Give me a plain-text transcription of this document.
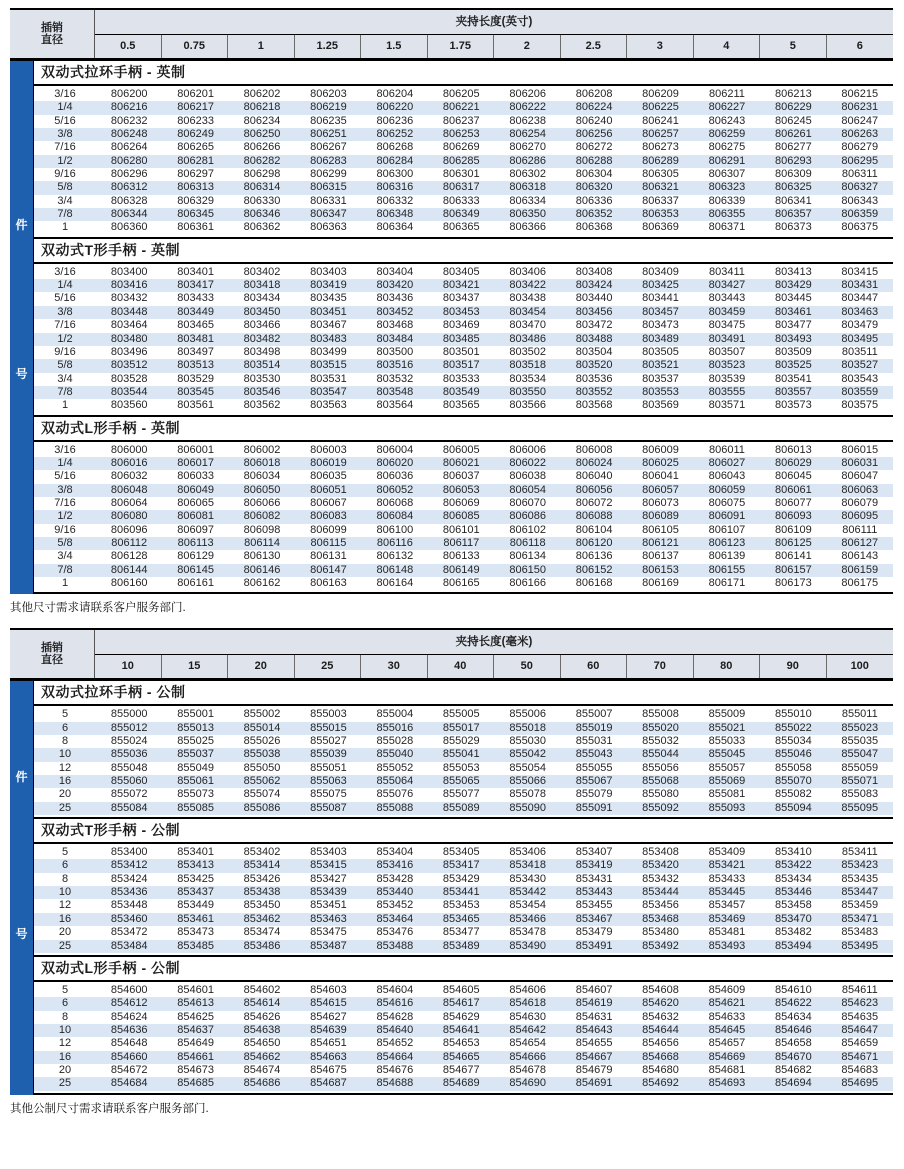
插销
直径
夹持长度(英寸)
0.5	0.75	1	1.25	1.5	1.75	2	2.5	3	4	5	6
件
号
双动式拉环手柄 - 英制
3/16	806200	806201	806202	806203	806204	806205	806206	806208	806209	806211	806213	806215
1/4	806216	806217	806218	806219	806220	806221	806222	806224	806225	806227	806229	806231
5/16	806232	806233	806234	806235	806236	806237	806238	806240	806241	806243	806245	806247
3/8	806248	806249	806250	806251	806252	806253	806254	806256	806257	806259	806261	806263
7/16	806264	806265	806266	806267	806268	806269	806270	806272	806273	806275	806277	806279
1/2	806280	806281	806282	806283	806284	806285	806286	806288	806289	806291	806293	806295
9/16	806296	806297	806298	806299	806300	806301	806302	806304	806305	806307	806309	806311
5/8	806312	806313	806314	806315	806316	806317	806318	806320	806321	806323	806325	806327
3/4	806328	806329	806330	806331	806332	806333	806334	806336	806337	806339	806341	806343
7/8	806344	806345	806346	806347	806348	806349	806350	806352	806353	806355	806357	806359
1	806360	806361	806362	806363	806364	806365	806366	806368	806369	806371	806373	806375
双动式T形手柄 - 英制
3/16	803400	803401	803402	803403	803404	803405	803406	803408	803409	803411	803413	803415
1/4	803416	803417	803418	803419	803420	803421	803422	803424	803425	803427	803429	803431
5/16	803432	803433	803434	803435	803436	803437	803438	803440	803441	803443	803445	803447
3/8	803448	803449	803450	803451	803452	803453	803454	803456	803457	803459	803461	803463
7/16	803464	803465	803466	803467	803468	803469	803470	803472	803473	803475	803477	803479
1/2	803480	803481	803482	803483	803484	803485	803486	803488	803489	803491	803493	803495
9/16	803496	803497	803498	803499	803500	803501	803502	803504	803505	803507	803509	803511
5/8	803512	803513	803514	803515	803516	803517	803518	803520	803521	803523	803525	803527
3/4	803528	803529	803530	803531	803532	803533	803534	803536	803537	803539	803541	803543
7/8	803544	803545	803546	803547	803548	803549	803550	803552	803553	803555	803557	803559
1	803560	803561	803562	803563	803564	803565	803566	803568	803569	803571	803573	803575
双动式L形手柄 - 英制
3/16	806000	806001	806002	806003	806004	806005	806006	806008	806009	806011	806013	806015
1/4	806016	806017	806018	806019	806020	806021	806022	806024	806025	806027	806029	806031
5/16	806032	806033	806034	806035	806036	806037	806038	806040	806041	806043	806045	806047
3/8	806048	806049	806050	806051	806052	806053	806054	806056	806057	806059	806061	806063
7/16	806064	806065	806066	806067	806068	806069	806070	806072	806073	806075	806077	806079
1/2	806080	806081	806082	806083	806084	806085	806086	806088	806089	806091	806093	806095
9/16	806096	806097	806098	806099	806100	806101	806102	806104	806105	806107	806109	806111
5/8	806112	806113	806114	806115	806116	806117	806118	806120	806121	806123	806125	806127
3/4	806128	806129	806130	806131	806132	806133	806134	806136	806137	806139	806141	806143
7/8	806144	806145	806146	806147	806148	806149	806150	806152	806153	806155	806157	806159
1	806160	806161	806162	806163	806164	806165	806166	806168	806169	806171	806173	806175
其他尺寸需求请联系客户服务部门.
插销
直径
夹持长度(毫米)
10	15	20	25	30	40	50	60	70	80	90	100
件
号
双动式拉环手柄 - 公制
5	855000	855001	855002	855003	855004	855005	855006	855007	855008	855009	855010	855011
6	855012	855013	855014	855015	855016	855017	855018	855019	855020	855021	855022	855023
8	855024	855025	855026	855027	855028	855029	855030	855031	855032	855033	855034	855035
10	855036	855037	855038	855039	855040	855041	855042	855043	855044	855045	855046	855047
12	855048	855049	855050	855051	855052	855053	855054	855055	855056	855057	855058	855059
16	855060	855061	855062	855063	855064	855065	855066	855067	855068	855069	855070	855071
20	855072	855073	855074	855075	855076	855077	855078	855079	855080	855081	855082	855083
25	855084	855085	855086	855087	855088	855089	855090	855091	855092	855093	855094	855095
双动式T形手柄 - 公制
5	853400	853401	853402	853403	853404	853405	853406	853407	853408	853409	853410	853411
6	853412	853413	853414	853415	853416	853417	853418	853419	853420	853421	853422	853423
8	853424	853425	853426	853427	853428	853429	853430	853431	853432	853433	853434	853435
10	853436	853437	853438	853439	853440	853441	853442	853443	853444	853445	853446	853447
12	853448	853449	853450	853451	853452	853453	853454	853455	853456	853457	853458	853459
16	853460	853461	853462	853463	853464	853465	853466	853467	853468	853469	853470	853471
20	853472	853473	853474	853475	853476	853477	853478	853479	853480	853481	853482	853483
25	853484	853485	853486	853487	853488	853489	853490	853491	853492	853493	853494	853495
双动式L形手柄 - 公制
5	854600	854601	854602	854603	854604	854605	854606	854607	854608	854609	854610	854611
6	854612	854613	854614	854615	854616	854617	854618	854619	854620	854621	854622	854623
8	854624	854625	854626	854627	854628	854629	854630	854631	854632	854633	854634	854635
10	854636	854637	854638	854639	854640	854641	854642	854643	854644	854645	854646	854647
12	854648	854649	854650	854651	854652	854653	854654	854655	854656	854657	854658	854659
16	854660	854661	854662	854663	854664	854665	854666	854667	854668	854669	854670	854671
20	854672	854673	854674	854675	854676	854677	854678	854679	854680	854681	854682	854683
25	854684	854685	854686	854687	854688	854689	854690	854691	854692	854693	854694	854695
其他公制尺寸需求请联系客户服务部门.
